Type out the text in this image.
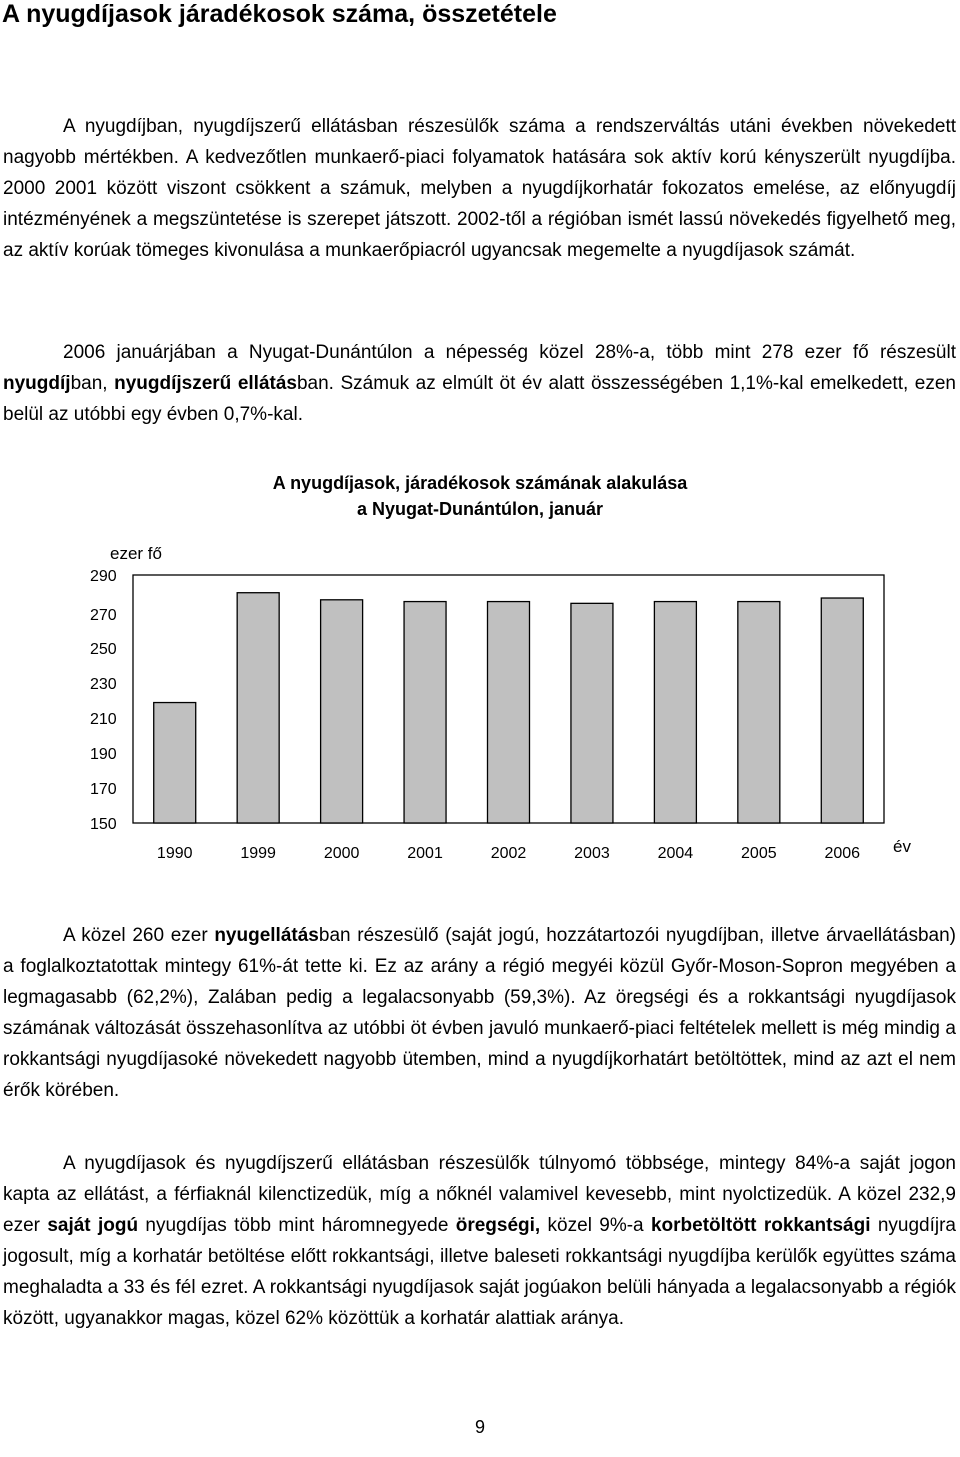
A nyugdíjasok járadékosok száma, összetétele

A nyugdíjban, nyugdíjszerű ellátásban részesülők száma a rendszerváltás utáni években növekedett nagyobb mértékben. A kedvezőtlen munkaerő-piaci folyamatok hatására sok aktív korú kényszerült nyugdíjba. 2000 2001 között viszont csökkent a számuk, melyben a nyugdíjkorhatár fokozatos emelése, az előnyugdíj intézményének a megszüntetése is szerepet játszott. 2002-től a régióban ismét lassú növekedés figyelhető meg, az aktív korúak tömeges kivonulása a munkaerőpiacról ugyancsak megemelte a nyugdíjasok számát.

2006 januárjában a Nyugat-Dunántúlon a népesség közel 28%-a, több mint 278 ezer fő részesült nyugdíjban, nyugdíjszerű ellátásban. Számuk az elmúlt öt év alatt összességében 1,1%-kal emelkedett, ezen belül az utóbbi egy évben 0,7%-kal.

A nyugdíjasok, járadékosok számának alakulása
a Nyugat-Dunántúlon, január
ezer fő
év
290
270
250
230
210
190
170
150
1990	1999	2000	2001	2002	2003	2004	2005	2006

A közel 260 ezer nyugellátásban részesülő (saját jogú, hozzátartozói nyugdíjban, illetve árvaellátásban) a foglalkoztatottak mintegy 61%-át tette ki. Ez az arány a régió megyéi közül Győr-Moson-Sopron megyében a legmagasabb (62,2%), Zalában pedig a legalacsonyabb (59,3%). Az öregségi és a rokkantsági nyugdíjasok számának változását összehasonlítva az utóbbi öt évben javuló munkaerő-piaci feltételek mellett is még mindig a rokkantsági nyugdíjasoké növekedett nagyobb ütemben, mind a nyugdíjkorhatárt betöltöttek, mind az azt el nem érők körében.

A nyugdíjasok és nyugdíjszerű ellátásban részesülők túlnyomó többsége, mintegy 84%-a saját jogon kapta az ellátást, a férfiaknál kilenctizedük, míg a nőknél valamivel kevesebb, mint nyolctizedük. A közel 232,9 ezer saját jogú nyugdíjas több mint háromnegyede öregségi, közel 9%-a korbetöltött rokkantsági nyugdíjra jogosult, míg a korhatár betöltése előtt rokkantsági, illetve baleseti rokkantsági nyugdíjba kerülők együttes száma meghaladta a 33 és fél ezret. A rokkantsági nyugdíjasok saját jogúakon belüli hányada a legalacsonyabb a régiók között, ugyanakkor magas, közel 62% közöttük a korhatár alattiak aránya.

9
